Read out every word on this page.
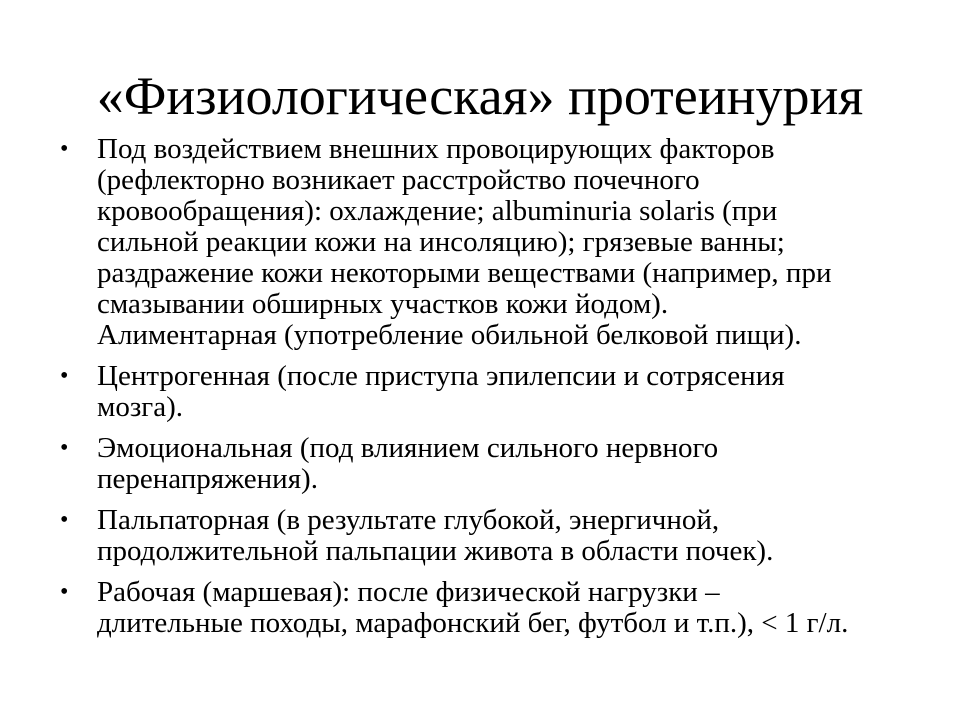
«Физиологическая» протеинурия
• Под воздействием внешних провоцирующих факторов
(рефлекторно возникает расстройство почечного
кровообращения): охлаждение; albuminuria solaris (при
сильной реакции кожи на инсоляцию); грязевые ванны;
раздражение кожи некоторыми веществами (например, при
смазывании обширных участков кожи йодом).
Алиментарная (употребление обильной белковой пищи).
• Центрогенная (после приступа эпилепсии и сотрясения
мозга).
• Эмоциональная (под влиянием сильного нервного
перенапряжения).
• Пальпаторная (в результате глубокой, энергичной,
продолжительной пальпации живота в области почек).
• Рабочая (маршевая): после физической нагрузки –
длительные походы, марафонский бег, футбол и т.п.), < 1 г/л.
